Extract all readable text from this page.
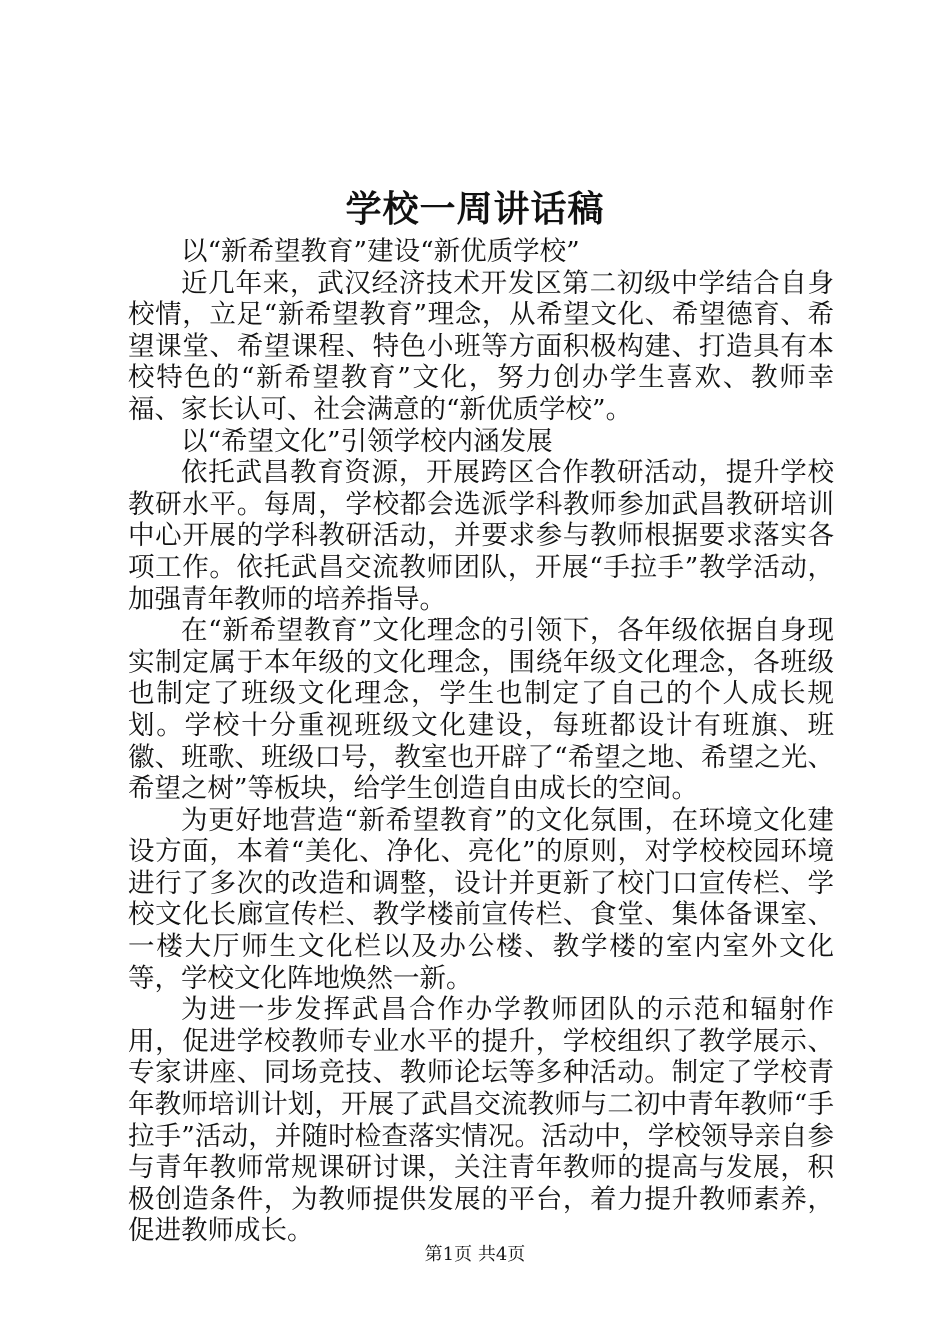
学校一周讲话稿

以“新希望教育”建设“新优质学校”

近几年来，武汉经济技术开发区第二初级中学结合自身校情，立足“新希望教育”理念，从希望文化、希望德育、希望课堂、希望课程、特色小班等方面积极构建、打造具有本校特色的“新希望教育”文化，努力创办学生喜欢、教师幸福、家长认可、社会满意的“新优质学校”。

以“希望文化”引领学校内涵发展

依托武昌教育资源，开展跨区合作教研活动，提升学校教研水平。每周，学校都会选派学科教师参加武昌教研培训中心开展的学科教研活动，并要求参与教师根据要求落实各项工作。依托武昌交流教师团队，开展“手拉手”教学活动，加强青年教师的培养指导。

在“新希望教育”文化理念的引领下，各年级依据自身现实制定属于本年级的文化理念，围绕年级文化理念，各班级也制定了班级文化理念，学生也制定了自己的个人成长规划。学校十分重视班级文化建设，每班都设计有班旗、班徽、班歌、班级口号，教室也开辟了“希望之地、希望之光、希望之树”等板块，给学生创造自由成长的空间。

为更好地营造“新希望教育”的文化氛围，在环境文化建设方面，本着“美化、净化、亮化”的原则，对学校校园环境进行了多次的改造和调整，设计并更新了校门口宣传栏、学校文化长廊宣传栏、教学楼前宣传栏、食堂、集体备课室、一楼大厅师生文化栏以及办公楼、教学楼的室内室外文化等，学校文化阵地焕然一新。

为进一步发挥武昌合作办学教师团队的示范和辐射作用，促进学校教师专业水平的提升，学校组织了教学展示、专家讲座、同场竞技、教师论坛等多种活动。制定了学校青年教师培训计划，开展了武昌交流教师与二初中青年教师“手拉手”活动，并随时检查落实情况。活动中，学校领导亲自参与青年教师常规课研讨课，关注青年教师的提高与发展，积极创造条件，为教师提供发展的平台，着力提升教师素养，促进教师成长。

第1页 共4页
